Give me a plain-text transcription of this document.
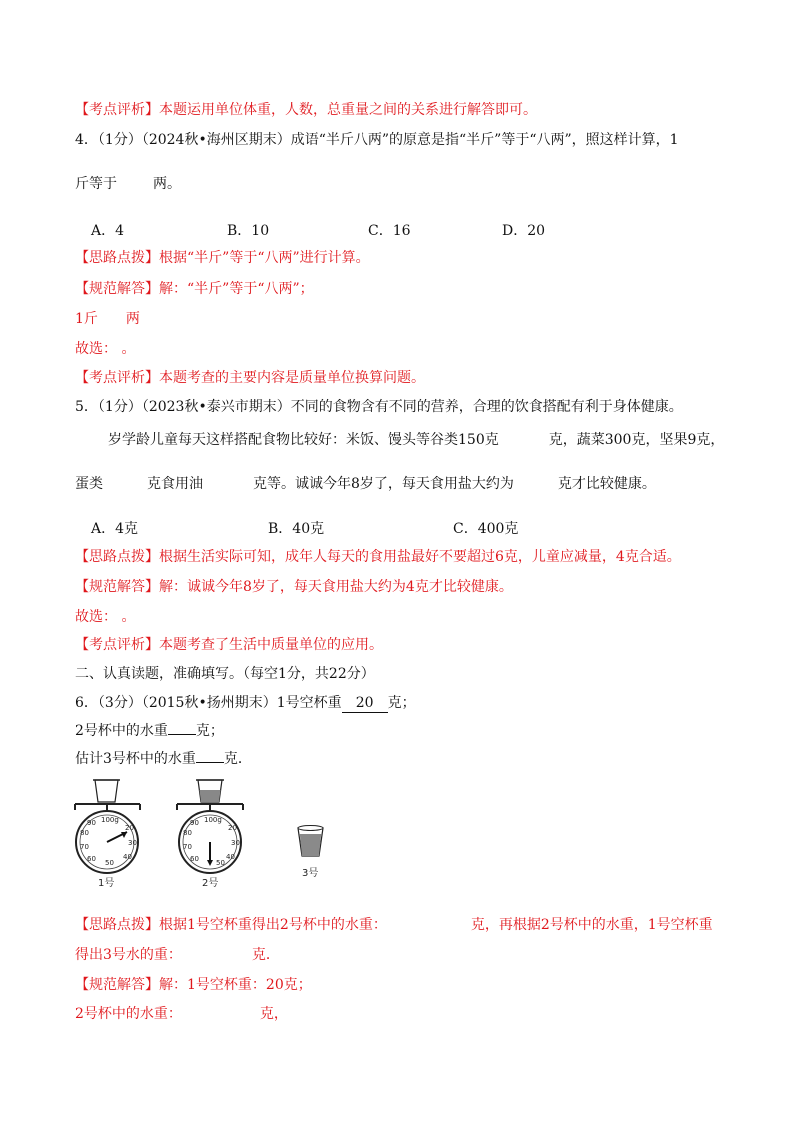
【考点评析】本题运用单位体重，人数，总重量之间的关系进行解答即可。
4．（1分）（2024秋•海州区期末）成语“半斤八两”的原意是指“半斤”等于“八两”，照这样计算，1
斤等于	两。
A．4	B．10	C．16	D．20
【思路点拨】根据“半斤”等于“八两”进行计算。
【规范解答】解：“半斤”等于“八两”；
1斤 两
故选： 。
【考点评析】本题考查的主要内容是质量单位换算问题。
5．（1分）（2023秋•泰兴市期末）不同的食物含有不同的营养，合理的饮食搭配有利于身体健康。
岁学龄儿童每天这样搭配食物比较好：米饭、馒头等谷类150克	克，蔬菜300克，坚果9克，
蛋类	克食用油	克等。诚诚今年8岁了，每天食用盐大约为	克才比较健康。
A．4克	B．40克	C．400克
【思路点拨】根据生活实际可知，成年人每天的食用盐最好不要超过6克，儿童应减量，4克合适。
【规范解答】解：诚诚今年8岁了，每天食用盐大约为4克才比较健康。
故选： 。
【考点评析】本题考查了生活中质量单位的应用。
二、认真读题，准确填写。（每空1分，共22分）
6．（3分）（2015秋•扬州期末）1号空杯重 20 克；
2号杯中的水重 克；
估计3号杯中的水重 克．
100g
20
30
40
50
60
70
80
90
1号
100g
20
30
40
50
60
70
80
90
2号
3号
【思路点拨】根据1号空杯重得出2号杯中的水重：	克，再根据2号杯中的水重，1号空杯重
得出3号水的重：	克．
【规范解答】解：1号空杯重：20克；
2号杯中的水重：	克，
